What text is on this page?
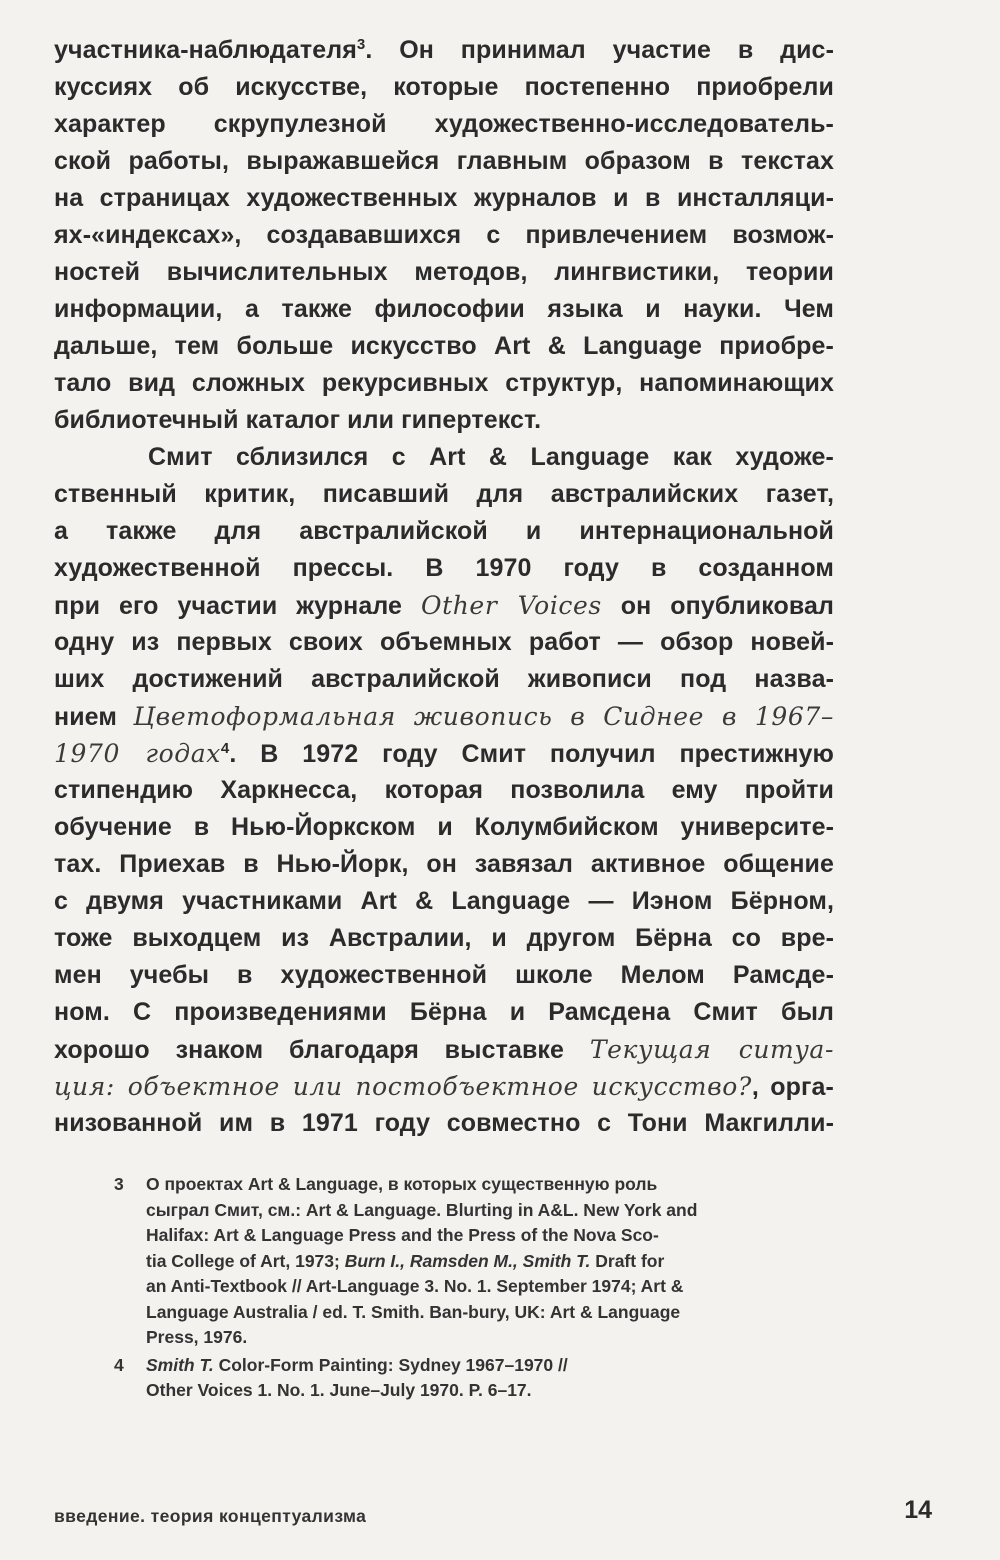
участника-наблюдателя$^3$. Он принимал участие в дис-
куссиях об искусстве, которые постепенно приобрели
характер скрупулезной художественно-исследователь-
ской работы, выражавшейся главным образом в текстах
на страницах художественных журналов и в инсталляци-
ях-«индексах», создававшихся с привлечением возмож-
ностей вычислительных методов, лингвистики, теории
информации, а также философии языка и науки. Чем
дальше, тем больше искусство Art & Language приобре-
тало вид сложных рекурсивных структур, напоминающих
библиотечный каталог или гипертекст.
Смит сблизился с Art & Language как художе-
ственный критик, писавший для австралийских газет,
а также для австралийской и интернациональной
художественной прессы. В 1970 году в созданном
при его участии журнале Other Voices он опубликовал
одну из первых своих объемных работ — обзор новей-
ших достижений австралийской живописи под назва-
нием Цветоформальная живопись в Сиднее в 1967–
1970 годах$^4$. В 1972 году Смит получил престижную
стипендию Харкнесса, которая позволила ему пройти
обучение в Нью-Йоркском и Колумбийском университе-
тах. Приехав в Нью-Йорк, он завязал активное общение
с двумя участниками Art & Language — Иэном Бёрном,
тоже выходцем из Австралии, и другом Бёрна со вре-
мен учебы в художественной школе Мелом Рамсде-
ном. С произведениями Бёрна и Рамсдена Смит был
хорошо знаком благодаря выставке Текущая ситуа-
ция: объектное или постобъектное искусство?, орга-
низованной им в 1971 году совместно с Тони Макгилли-
3 О проектах Art & Language, в которых существенную роль
сыграл Смит, см.: Art & Language. Blurting in A&L. New York and
Halifax: Art & Language Press and the Press of the Nova Sco-
tia College of Art, 1973; Burn I., Ramsden M., Smith T. Draft for
an Anti-Textbook // Art-Language 3. No. 1. September 1974; Art &
Language Australia / ed. T. Smith. Ban-bury, UK: Art & Language
Press, 1976.
4 Smith T. Color-Form Painting: Sydney 1967–1970 //
Other Voices 1. No. 1. June–July 1970. P. 6–17.
введение. теория концептуализма	14
